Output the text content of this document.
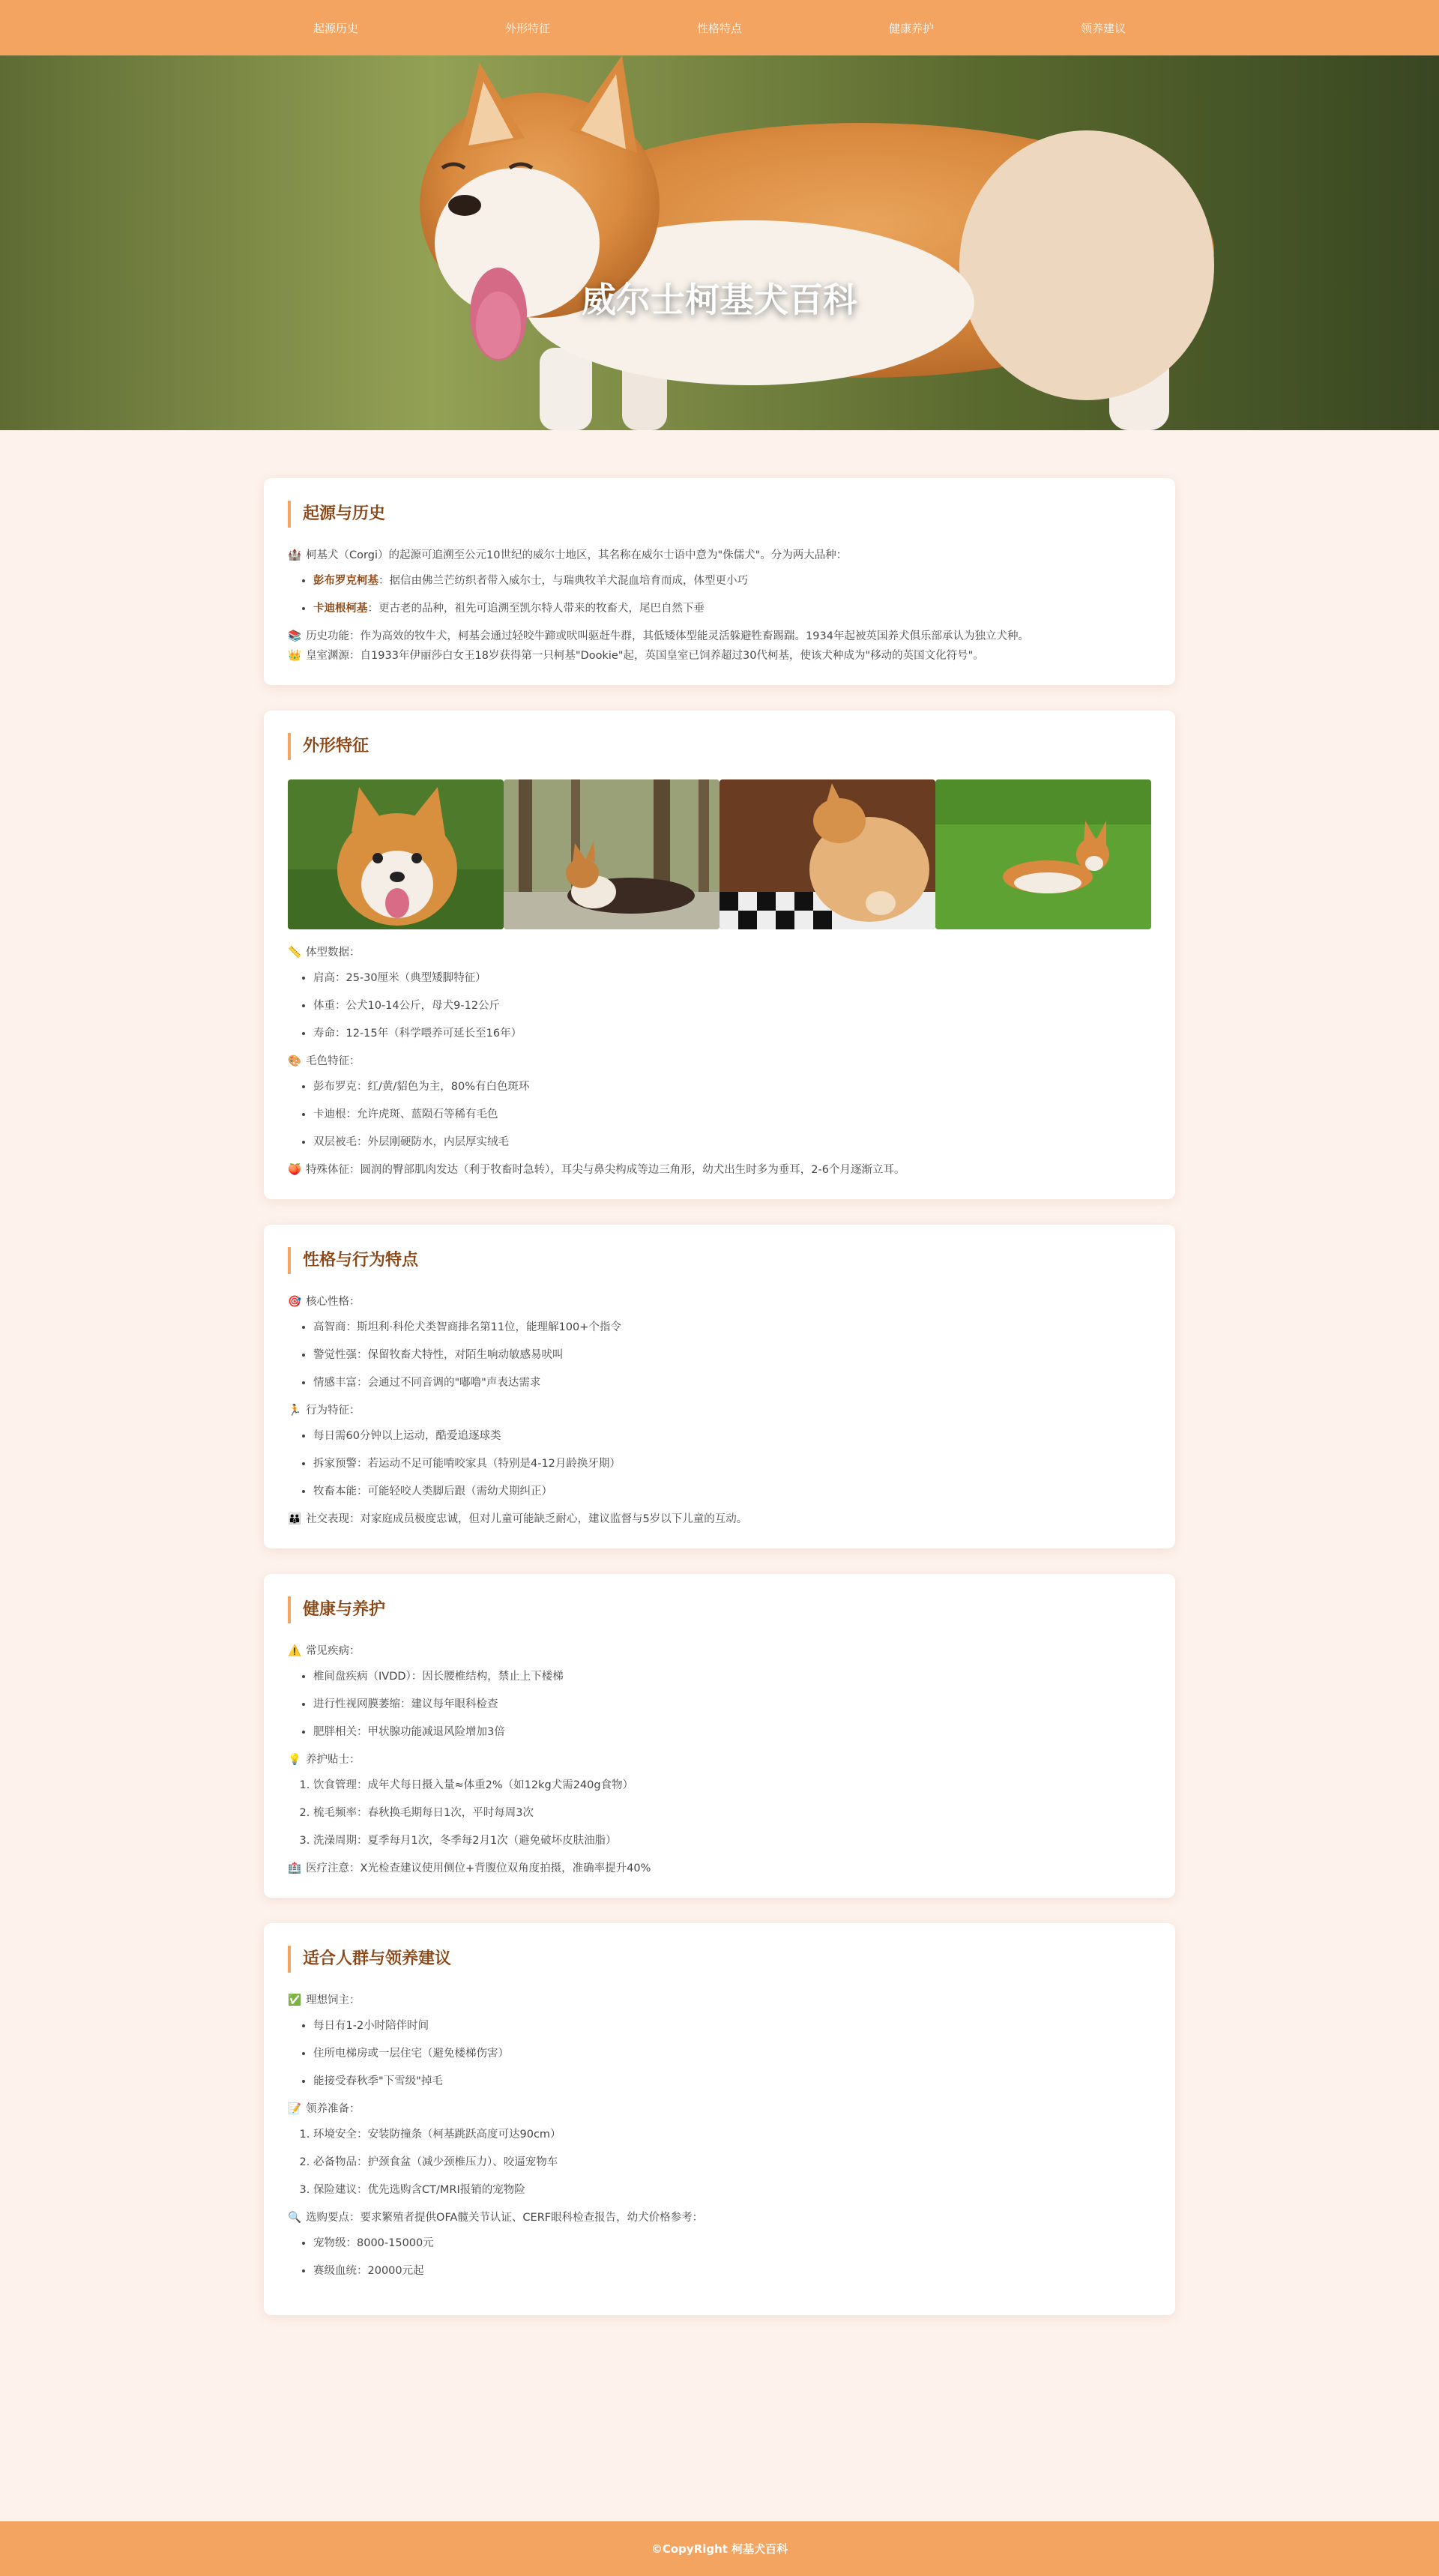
起源历史	外形特征	性格特点	健康养护	领养建议
威尔士柯基犬百科
起源与历史
🏰 柯基犬（Corgi）的起源可追溯至公元10世纪的威尔士地区，其名称在威尔士语中意为"侏儒犬"。分为两大品种：
• 彭布罗克柯基：据信由佛兰芒纺织者带入威尔士，与瑞典牧羊犬混血培育而成，体型更小巧
• 卡迪根柯基：更古老的品种，祖先可追溯至凯尔特人带来的牧畜犬，尾巴自然下垂
📚 历史功能：作为高效的牧牛犬，柯基会通过轻咬牛蹄或吠叫驱赶牛群，其低矮体型能灵活躲避牲畜踢踹。1934年起被英国养犬俱乐部承认为独立犬种。
👑 皇室渊源：自1933年伊丽莎白女王18岁获得第一只柯基"Dookie"起，英国皇室已饲养超过30代柯基，使该犬种成为"移动的英国文化符号"。
外形特征
📏 体型数据：
• 肩高：25-30厘米（典型矮脚特征）
• 体重：公犬10-14公斤，母犬9-12公斤
• 寿命：12-15年（科学喂养可延长至16年）
🎨 毛色特征：
• 彭布罗克：红/黄/貂色为主，80%有白色斑环
• 卡迪根：允许虎斑、蓝陨石等稀有毛色
• 双层被毛：外层刚硬防水，内层厚实绒毛
🍑 特殊体征：圆润的臀部肌肉发达（利于牧畜时急转），耳尖与鼻尖构成等边三角形，幼犬出生时多为垂耳，2-6个月逐渐立耳。
性格与行为特点
🎯 核心性格：
• 高智商：斯坦利·科伦犬类智商排名第11位，能理解100+个指令
• 警觉性强：保留牧畜犬特性，对陌生响动敏感易吠叫
• 情感丰富：会通过不同音调的"嘟噜"声表达需求
🏃 行为特征：
• 每日需60分钟以上运动，酷爱追逐球类
• 拆家预警：若运动不足可能啃咬家具（特别是4-12月龄换牙期）
• 牧畜本能：可能轻咬人类脚后跟（需幼犬期纠正）
👪 社交表现：对家庭成员极度忠诚，但对儿童可能缺乏耐心，建议监督与5岁以下儿童的互动。
健康与养护
⚠️ 常见疾病：
• 椎间盘疾病（IVDD）：因长腰椎结构，禁止上下楼梯
• 进行性视网膜萎缩：建议每年眼科检查
• 肥胖相关：甲状腺功能减退风险增加3倍
💡 养护贴士：
1. 饮食管理：成年犬每日摄入量≈体重2%（如12kg犬需240g食物）
2. 梳毛频率：春秋换毛期每日1次，平时每周3次
3. 洗澡周期：夏季每月1次，冬季每2月1次（避免破坏皮肤油脂）
🏥 医疗注意：X光检查建议使用侧位+背腹位双角度拍摄，准确率提升40%
适合人群与领养建议
✅ 理想饲主：
• 每日有1-2小时陪伴时间
• 住所电梯房或一层住宅（避免楼梯伤害）
• 能接受春秋季"下雪级"掉毛
📝 领养准备：
1. 环境安全：安装防撞条（柯基跳跃高度可达90cm）
2. 必备物品：护颈食盆（减少颈椎压力）、咬逼宠物车
3. 保险建议：优先选购含CT/MRI报销的宠物险
🔍 选购要点：要求繁殖者提供OFA髋关节认证、CERF眼科检查报告，幼犬价格参考：
• 宠物级：8000-15000元
• 赛级血统：20000元起
©CopyRight 柯基犬百科
